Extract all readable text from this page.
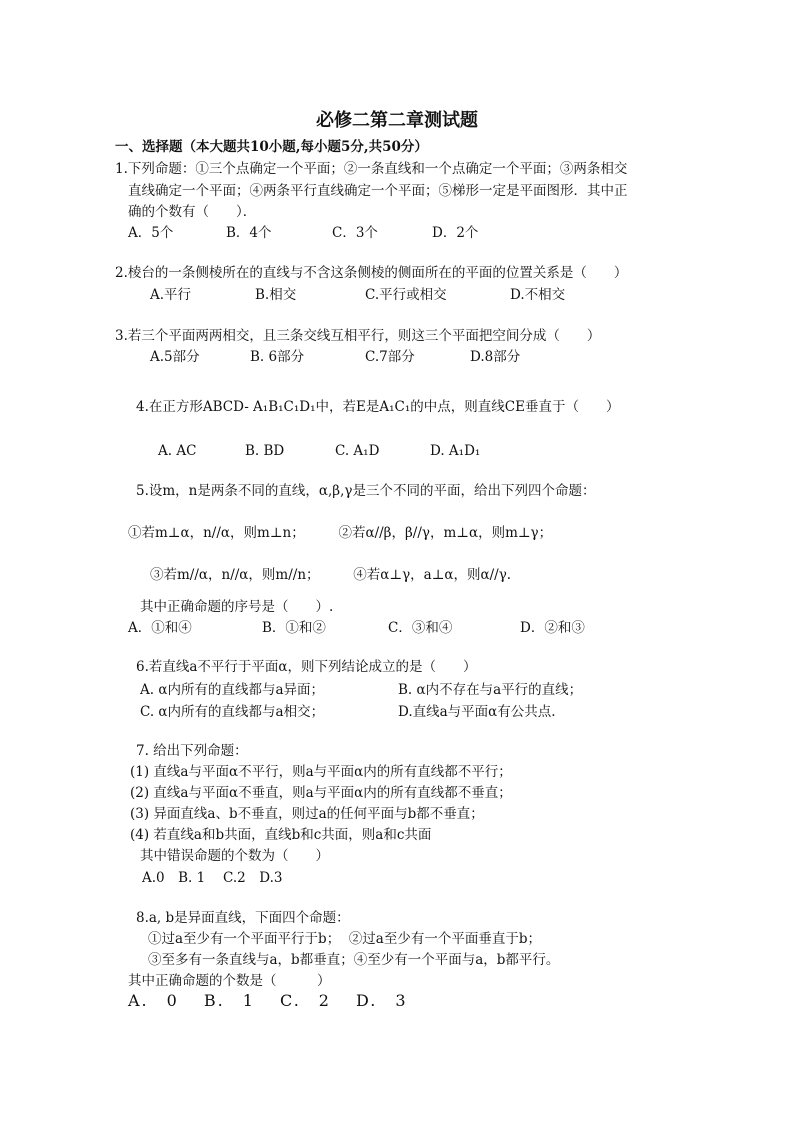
必修二第二章测试题
一、选择题（本大题共10小题,每小题5分,共50分）
1.下列命题：①三个点确定一个平面；②一条直线和一个点确定一个平面；③两条相交
直线确定一个平面；④两条平行直线确定一个平面；⑤梯形一定是平面图形．其中正
确的个数有（　　）．
A．5个	B．4个	C．3个	D．2个
2.棱台的一条侧棱所在的直线与不含这条侧棱的侧面所在的平面的位置关系是（　　）
A.平行	B.相交	C.平行或相交	D.不相交
3.若三个平面两两相交，且三条交线互相平行，则这三个平面把空间分成（　　）
A.5部分	B. 6部分	C.7部分	D.8部分
4.在正方形ABCD- A₁B₁C₁D₁中，若E是A₁C₁的中点，则直线CE垂直于（　　）
A. AC	B. BD	C. A₁D	D. A₁D₁
5.设m，n是两条不同的直线，α,β,γ是三个不同的平面，给出下列四个命题：
①若m⊥α，n//α，则m⊥n；　　　②若α//β，β//γ，m⊥α，则m⊥γ；
③若m//α，n//α，则m//n；　　　④若α⊥γ，a⊥α，则α//γ.
其中正确命题的序号是（　　）.
A．①和④	B．①和②	C．③和④	D．②和③
6.若直线a不平行于平面α，则下列结论成立的是（　　）
A. α内所有的直线都与a异面；	B. α内不存在与a平行的直线；
C. α内所有的直线都与a相交；	D.直线a与平面α有公共点.
7. 给出下列命题：
(1) 直线a与平面α不平行，则a与平面α内的所有直线都不平行；
(2) 直线a与平面α不垂直，则a与平面α内的所有直线都不垂直；
(3) 异面直线a、b不垂直，则过a的任何平面与b都不垂直；
(4) 若直线a和b共面，直线b和c共面，则a和c共面
其中错误命题的个数为（　　）
A.0　B. 1　 C.2　D.3
8.a, b是异面直线，下面四个命题：
①过a至少有一个平面平行于b；  ②过a至少有一个平面垂直于b；
③至多有一条直线与a，b都垂直；④至少有一个平面与a，b都平行。
其中正确命题的个数是（　　　）
A.　0　 B.　1　 C.　2　 D.　3
